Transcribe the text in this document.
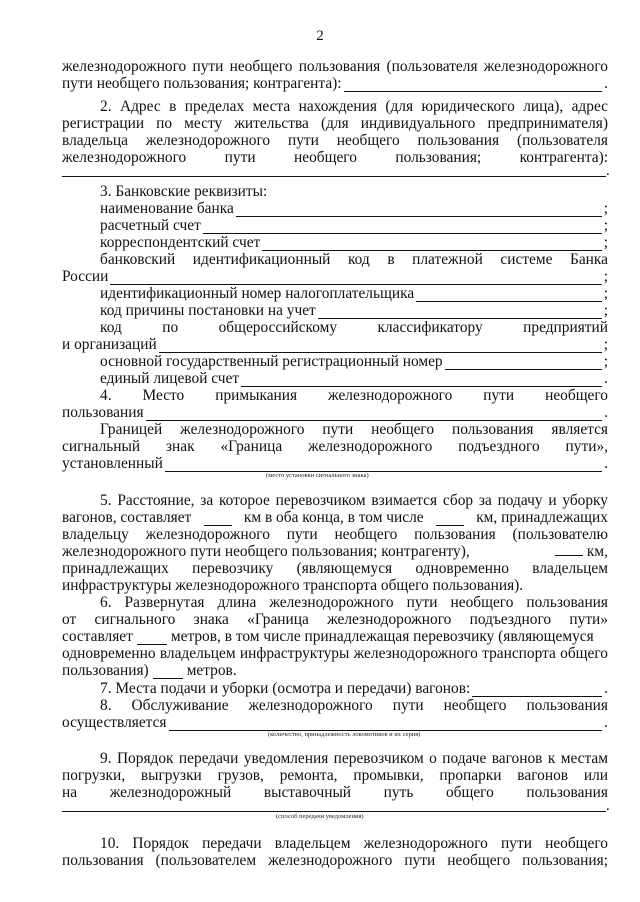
2
железнодорожного пути необщего пользования (пользователя железнодорожного
пути необщего пользования; контрагента):	.
2. Адрес в пределах места нахождения (для юридического лица), адрес
регистрации по месту жительства (для индивидуального предпринимателя)
владельца железнодорожного пути необщего пользования (пользователя
железнодорожного пути необщего пользования; контрагента):
.
3. Банковские реквизиты:
наименование банка	;
расчетный счет	;
корреспондентский счет	;
банковский идентификационный код в платежной системе Банка
России	;
идентификационный номер налогоплательщика	;
код причины постановки на учет	;
код по общероссийскому классификатору предприятий
и организаций	;
основной государственный регистрационный номер	;
единый лицевой счет	.
4. Место примыкания железнодорожного пути необщего
пользования	.
Границей железнодорожного пути необщего пользования является
сигнальный знак «Граница железнодорожного подъездного пути»,
установленный	.
(место установки сигнального знака)
5. Расстояние, за которое перевозчиком взимается сбор за подачу и уборку
вагонов, составляет	км в оба конца, в том числе	км, принадлежащих
владельцу железнодорожного пути необщего пользования (пользователю
железнодорожного пути необщего пользования; контрагенту),	км,
принадлежащих перевозчику (являющемуся одновременно владельцем
инфраструктуры железнодорожного транспорта общего пользования).
6. Развернутая длина железнодорожного пути необщего пользования
от сигнального знака «Граница железнодорожного подъездного пути»
составляет метров, в том числе принадлежащая перевозчику (являющемуся
одновременно владельцем инфраструктуры железнодорожного транспорта общего
пользования) метров.
7. Места подачи и уборки (осмотра и передачи) вагонов:	.
8. Обслуживание железнодорожного пути необщего пользования
осуществляется	.
(количество, принадлежность локомотивов и их серия)
9. Порядок передачи уведомления перевозчиком о подаче вагонов к местам
погрузки, выгрузки грузов, ремонта, промывки, пропарки вагонов или
на железнодорожный выставочный путь общего пользования
.
(способ передачи уведомления)
10. Порядок передачи владельцем железнодорожного пути необщего
пользования (пользователем железнодорожного пути необщего пользования;
